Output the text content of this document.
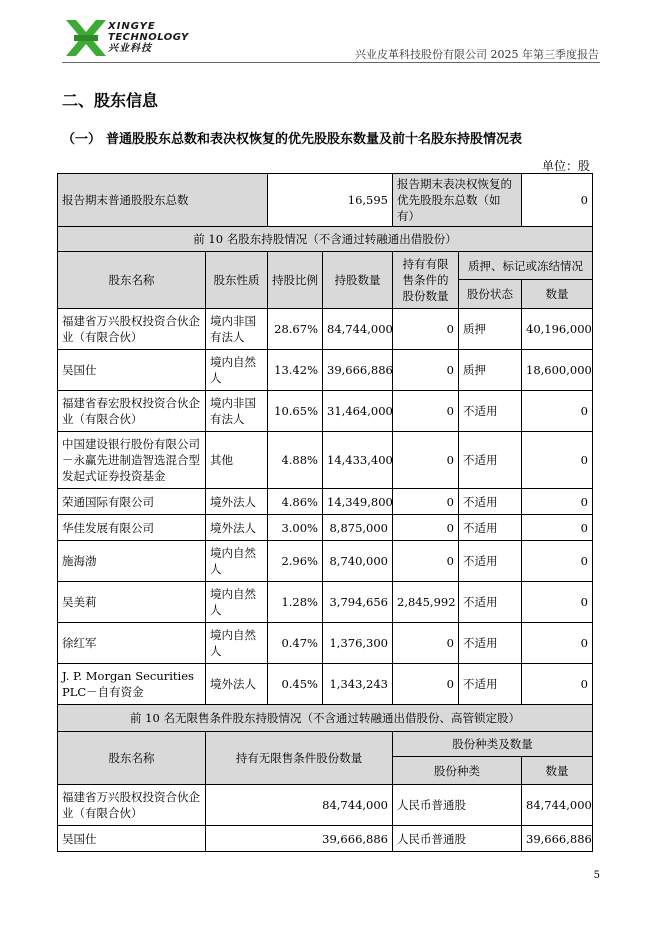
XINGYE
TECHNOLOGY
兴业科技	兴业皮革科技股份有限公司 2025 年第三季度报告
二、股东信息
（一） 普通股股东总数和表决权恢复的优先股股东数量及前十名股东持股情况表
单位：股
报告期末普通股股东总数		16,595		报告期末表决权恢复的优先股股东总数（如有）		0
前 10 名股东持股情况（不含通过转融通出借股份）						
股东名称	股东性质	持股比例	持股数量	持有有限售条件的股份数量	质押、标记或冻结情况	
					股份状态	数量
福建省万兴股权投资合伙企业（有限合伙）	境内非国有法人	28.67%	84,744,000	0	质押	40,196,000
吴国仕	境内自然人	13.42%	39,666,886	0	质押	18,600,000
福建省春宏股权投资合伙企业（有限合伙）	境内非国有法人	10.65%	31,464,000	0	不适用	0
中国建设银行股份有限公司－永赢先进制造智选混合型发起式证券投资基金	其他	4.88%	14,433,400	0	不适用	0
荣通国际有限公司	境外法人	4.86%	14,349,800	0	不适用	0
华佳发展有限公司	境外法人	3.00%	8,875,000	0	不适用	0
施海渤	境内自然人	2.96%	8,740,000	0	不适用	0
吴美莉	境内自然人	1.28%	3,794,656	2,845,992	不适用	0
徐红军	境内自然人	0.47%	1,376,300	0	不适用	0
J. P. Morgan Securities PLC－自有资金	境外法人	0.45%	1,343,243	0	不适用	0
前 10 名无限售条件股东持股情况（不含通过转融通出借股份、高管锁定股）						
股东名称	持有无限售条件股份数量			股份种类及数量		
				股份种类		数量
福建省万兴股权投资合伙企业（有限合伙）	84,744,000			人民币普通股		84,744,000
吴国仕	39,666,886			人民币普通股		39,666,886
5
